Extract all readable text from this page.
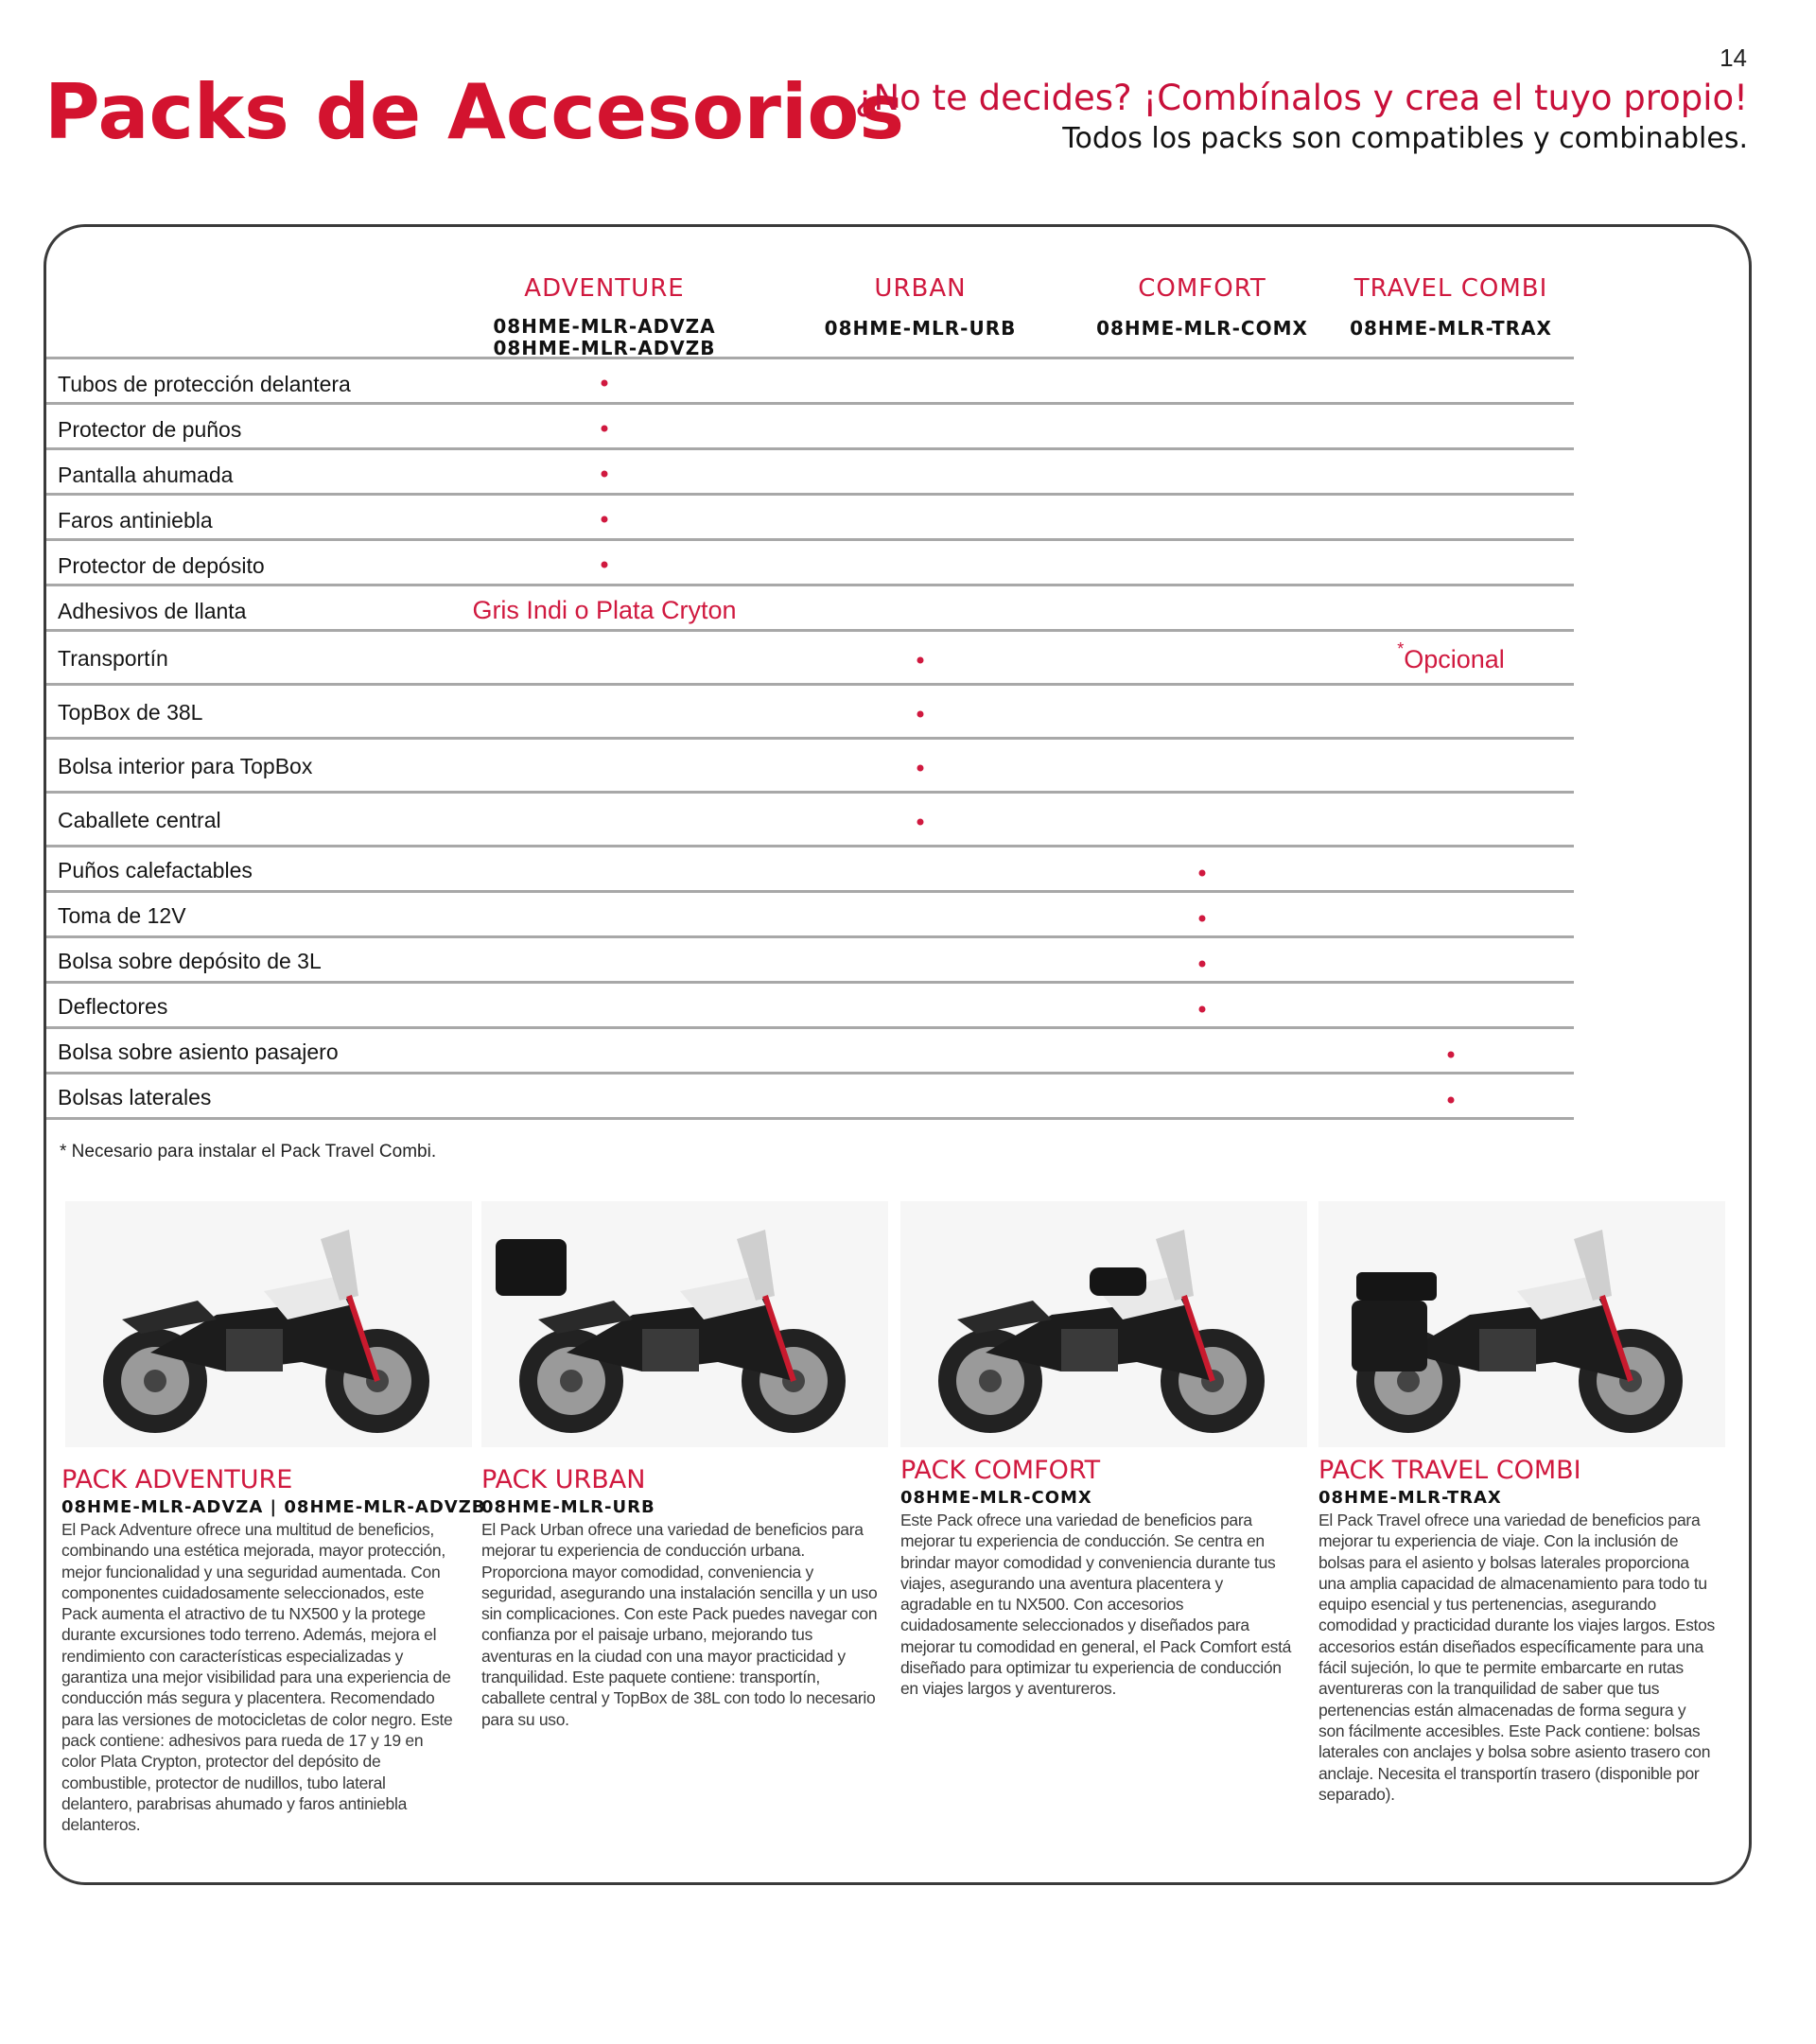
14
Packs de Accesorios
¿No te decides? ¡Combínalos y crea el tuyo propio!
Todos los packs son compatibles y combinables.
ADVENTURE
08HME-MLR-ADVZA
08HME-MLR-ADVZB
URBAN
08HME-MLR-URB
COMFORT
08HME-MLR-COMX
TRAVEL COMBI
08HME-MLR-TRAX
Tubos de protección delantera
Protector de puños
Pantalla ahumada
Faros antiniebla
Protector de depósito
Adhesivos de llanta	Gris Indi o Plata Cryton
Transportín	*Opcional
TopBox de 38L
Bolsa interior para TopBox
Caballete central
Puños calefactables
Toma de 12V
Bolsa sobre depósito de 3L
Deflectores
Bolsa sobre asiento pasajero
Bolsas laterales
* Necesario para instalar el Pack Travel Combi.
PACK ADVENTURE
08HME-MLR-ADVZA | 08HME-MLR-ADVZB
El Pack Adventure ofrece una multitud de beneficios, combinando una estética mejorada, mayor protección, mejor funcionalidad y una seguridad aumentada. Con componentes cuidadosamente seleccionados, este Pack aumenta el atractivo de tu NX500 y la protege durante excursiones todo terreno. Además, mejora el rendimiento con características especializadas y garantiza una mejor visibilidad para una experiencia de conducción más segura y placentera. Recomendado para las versiones de motocicletas de color negro. Este pack contiene: adhesivos para rueda de 17 y 19 en color Plata Crypton, protector del depósito de combustible, protector de nudillos, tubo lateral delantero, parabrisas ahumado y faros antiniebla delanteros.
PACK URBAN
08HME-MLR-URB
El Pack Urban ofrece una variedad de beneficios para mejorar tu experiencia de conducción urbana. Proporciona mayor comodidad, conveniencia y seguridad, asegurando una instalación sencilla y un uso sin complicaciones. Con este Pack puedes navegar con confianza por el paisaje urbano, mejorando tus aventuras en la ciudad con una mayor practicidad y tranquilidad. Este paquete contiene: transportín, caballete central y TopBox de 38L con todo lo necesario para su uso.
PACK COMFORT
08HME-MLR-COMX
Este Pack ofrece una variedad de beneficios para mejorar tu experiencia de conducción. Se centra en brindar mayor comodidad y conveniencia durante tus viajes, asegurando una aventura placentera y agradable en tu NX500. Con accesorios cuidadosamente seleccionados y diseñados para mejorar tu comodidad en general, el Pack Comfort está diseñado para optimizar tu experiencia de conducción en viajes largos y aventureros.
PACK TRAVEL COMBI
08HME-MLR-TRAX
El Pack Travel ofrece una variedad de beneficios para mejorar tu experiencia de viaje. Con la inclusión de bolsas para el asiento y bolsas laterales proporciona una amplia capacidad de almacenamiento para todo tu equipo esencial y tus pertenencias, asegurando comodidad y practicidad durante los viajes largos. Estos accesorios están diseñados específicamente para una fácil sujeción, lo que te permite embarcarte en rutas aventureras con la tranquilidad de saber que tus pertenencias están almacenadas de forma segura y son fácilmente accesibles. Este Pack contiene: bolsas laterales con anclajes y bolsa sobre asiento trasero con anclaje. Necesita el transportín trasero (disponible por separado).
